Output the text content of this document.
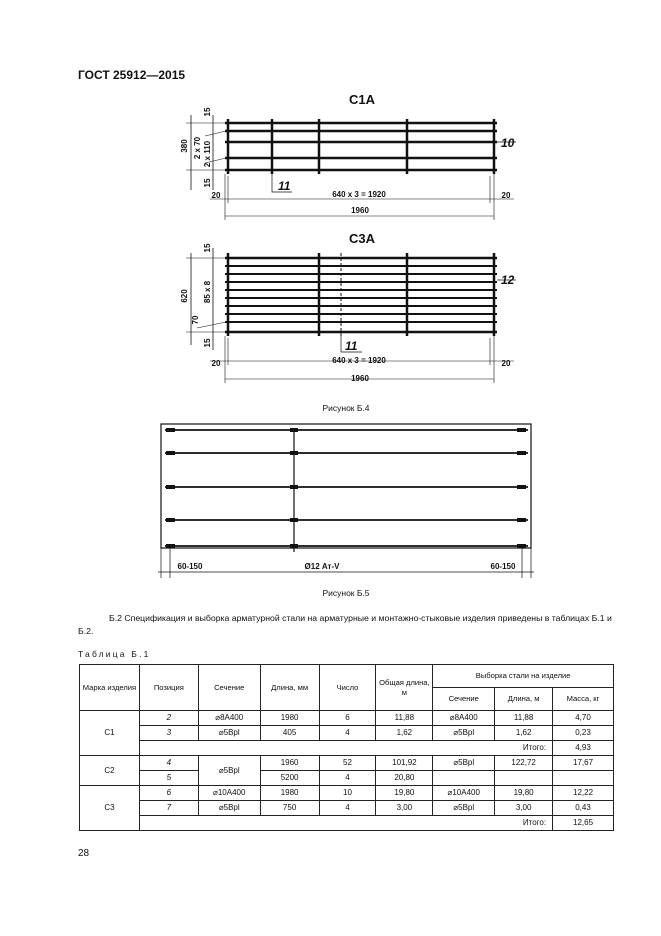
ГОСТ 25912—2015
С1А
380
15
2 x 70 2 x 110
15
10
11
20	640 x 3 = 1920	20
1960
С3А
620
15
85 x 8
70
15
12
11
20	640 x 3 = 1920	20
1960
60-150	Ø12 Ат-V	60-150
Рисунок Б.4
Рисунок Б.5
Б.2 Спецификация и выборка арматурной стали на арматурные и монтажно-стыковые изделия приведены в таблицах Б.1 и Б.2.
Таблица Б.1
Марка изделия	Позиция	Сечение	Длина, мм	Число	Общая длина, м	Выборка стали на изделие		
						Сечение	Длина, м	Масса, кг
С1	2	⌀8А400	1980	6	11,88	⌀8А400	11,88	4,70
	3	⌀5Вpl	405	4	1,62	⌀5Вpl	1,62	0,23
	Итого:							4,93
С2	4	⌀5Вpl	1960	52	101,92	⌀5Вpl	122,72	17,67
	5		5200	4	20,80			
С3	6	⌀10А400	1980	10	19,80	⌀10А400	19,80	12,22
	7	⌀5Вpl	750	4	3,00	⌀5Вpl	3,00	0,43
	Итого:							12,65
28
